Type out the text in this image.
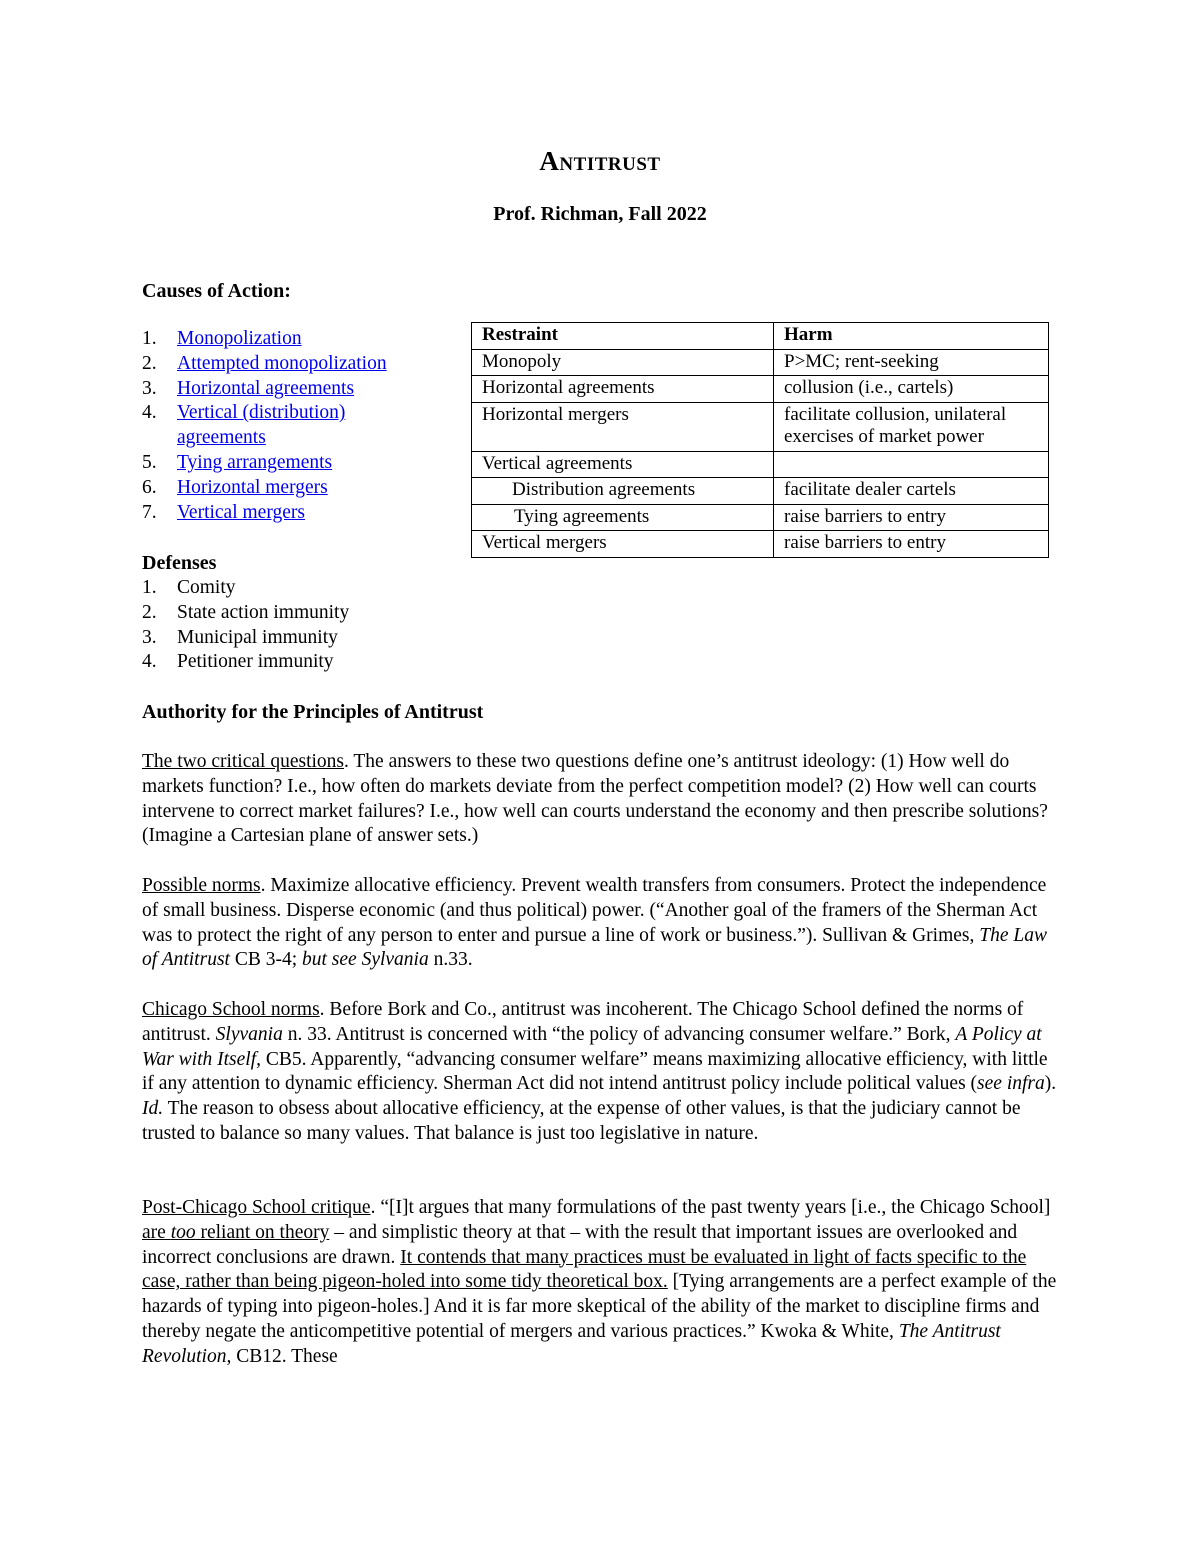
Antitrust
Prof. Richman, Fall 2022
Causes of Action:
1. Monopolization
2. Attempted monopolization
3. Horizontal agreements
4. Vertical (distribution) agreements
5. Tying arrangements
6. Horizontal mergers
7. Vertical mergers
Defenses
1. Comity
2. State action immunity
3. Municipal immunity
4. Petitioner immunity
Restraint	Harm
Monopoly	P>MC; rent-seeking
Horizontal agreements	collusion (i.e., cartels)
Horizontal mergers	facilitate collusion, unilateral exercises of market power
Vertical agreements	
Distribution agreements	facilitate dealer cartels
Tying agreements	raise barriers to entry
Vertical mergers	raise barriers to entry
Authority for the Principles of Antitrust

The two critical questions. The answers to these two questions define one’s antitrust ideology: (1) How well do markets function? I.e., how often do markets deviate from the perfect competition model? (2) How well can courts intervene to correct market failures? I.e., how well can courts understand the economy and then prescribe solutions? (Imagine a Cartesian plane of answer sets.)

Possible norms. Maximize allocative efficiency. Prevent wealth transfers from consumers. Protect the independence of small business. Disperse economic (and thus political) power. (“Another goal of the framers of the Sherman Act was to protect the right of any person to enter and pursue a line of work or business.”). Sullivan & Grimes, The Law of Antitrust CB 3-4; but see Sylvania n.33.

Chicago School norms. Before Bork and Co., antitrust was incoherent. The Chicago School defined the norms of antitrust. Slyvania n. 33. Antitrust is concerned with “the policy of advancing consumer welfare.” Bork, A Policy at War with Itself, CB5. Apparently, “advancing consumer welfare” means maximizing allocative efficiency, with little if any attention to dynamic efficiency. Sherman Act did not intend antitrust policy include political values (see infra). Id. The reason to obsess about allocative efficiency, at the expense of other values, is that the judiciary cannot be trusted to balance so many values. That balance is just too legislative in nature.

Post-Chicago School critique. “[I]t argues that many formulations of the past twenty years [i.e., the Chicago School] are too reliant on theory – and simplistic theory at that – with the result that important issues are overlooked and incorrect conclusions are drawn. It contends that many practices must be evaluated in light of facts specific to the case, rather than being pigeon-holed into some tidy theoretical box. [Tying arrangements are a perfect example of the hazards of typing into pigeon-holes.] And it is far more skeptical of the ability of the market to discipline firms and thereby negate the anticompetitive potential of mergers and various practices.” Kwoka & White, The Antitrust Revolution, CB12. These
